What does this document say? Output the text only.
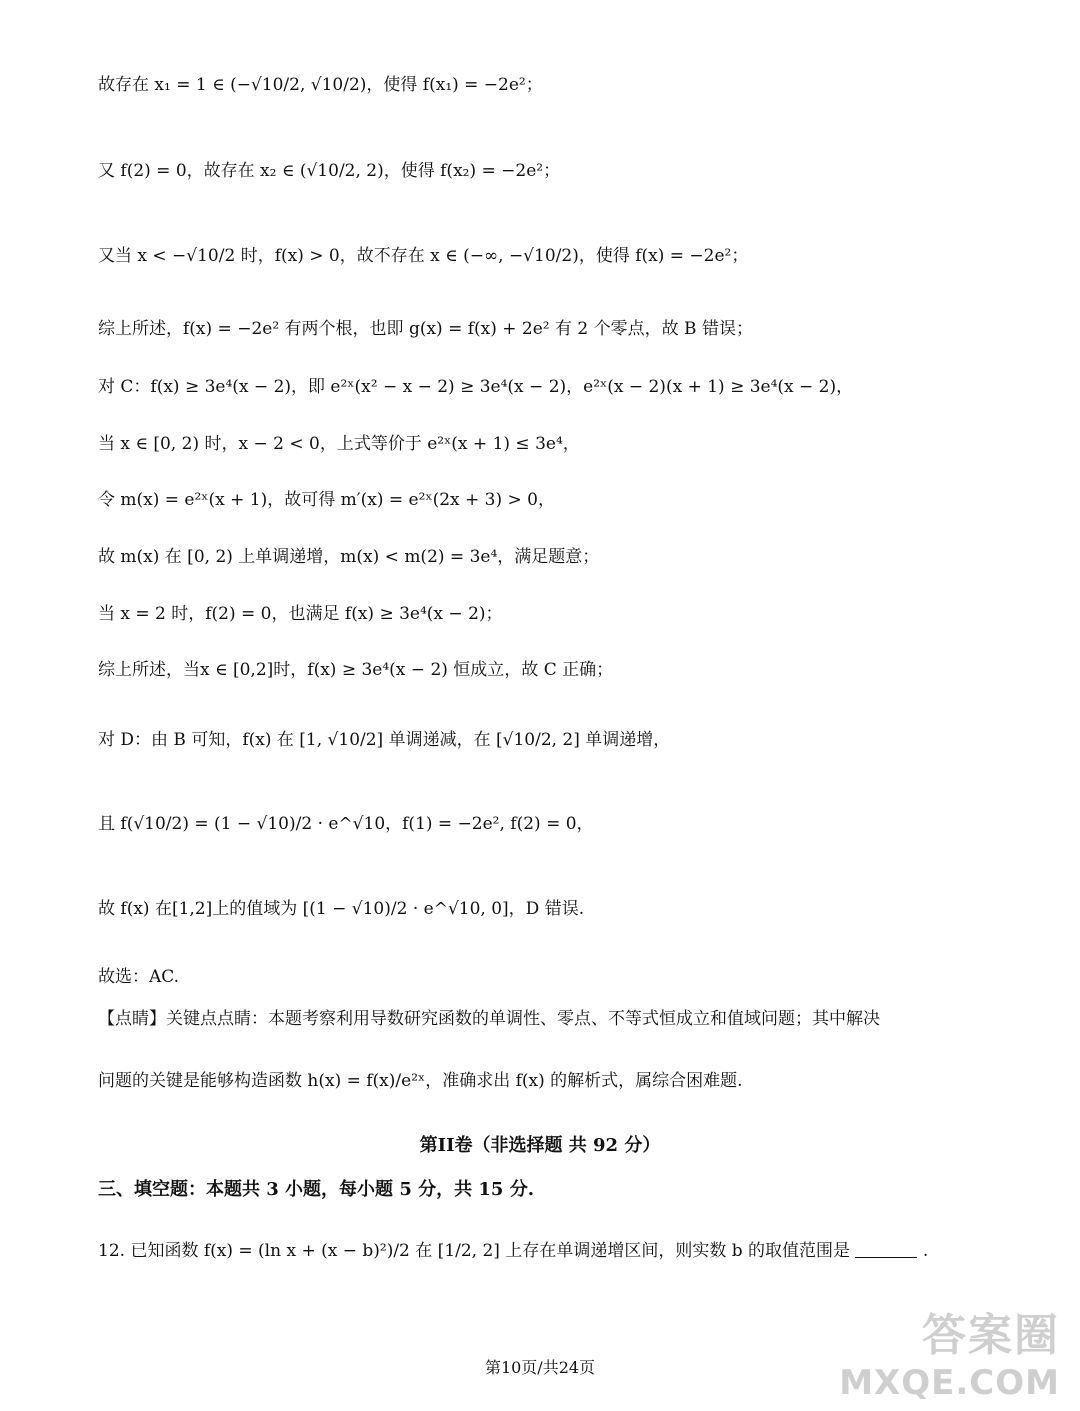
故存在 x₁ = 1 ∈ (−√10/2, √10/2)，使得 f(x₁) = −2e²；
又 f(2) = 0，故存在 x₂ ∈ (√10/2, 2)，使得 f(x₂) = −2e²；
又当 x < −√10/2 时，f(x) > 0，故不存在 x ∈ (−∞, −√10/2)，使得 f(x) = −2e²；
综上所述，f(x) = −2e² 有两个根，也即 g(x) = f(x) + 2e² 有 2 个零点，故 B 错误；
对 C：f(x) ≥ 3e⁴(x − 2)，即 e²ˣ(x² − x − 2) ≥ 3e⁴(x − 2)，e²ˣ(x − 2)(x + 1) ≥ 3e⁴(x − 2)，
当 x ∈ [0, 2) 时，x − 2 < 0，上式等价于 e²ˣ(x + 1) ≤ 3e⁴，
令 m(x) = e²ˣ(x + 1)，故可得 m′(x) = e²ˣ(2x + 3) > 0，
故 m(x) 在 [0, 2) 上单调递增，m(x) < m(2) = 3e⁴，满足题意；
当 x = 2 时，f(2) = 0，也满足 f(x) ≥ 3e⁴(x − 2)；
综上所述，当x ∈ [0,2]时，f(x) ≥ 3e⁴(x − 2) 恒成立，故 C 正确；
对 D：由 B 可知，f(x) 在 [1, √10/2] 单调递减，在 [√10/2, 2] 单调递增，
且 f(√10/2) = (1 − √10)/2 · e^√10，f(1) = −2e², f(2) = 0，
故 f(x) 在[1,2]上的值域为 [(1 − √10)/2 · e^√10, 0]，D 错误.
故选：AC.
【点睛】关键点点睛：本题考察利用导数研究函数的单调性、零点、不等式恒成立和值域问题；其中解决
问题的关键是能够构造函数 h(x) = f(x)/e²ˣ，准确求出 f(x) 的解析式，属综合困难题.
第II卷（非选择题 共 92 分）
三、填空题：本题共 3 小题，每小题 5 分，共 15 分.
12. 已知函数 f(x) = (ln x + (x − b)²)/2 在 [1/2, 2] 上存在单调递增区间，则实数 b 的取值范围是	.
第10页/共24页
答案圈
MXQE.COM
